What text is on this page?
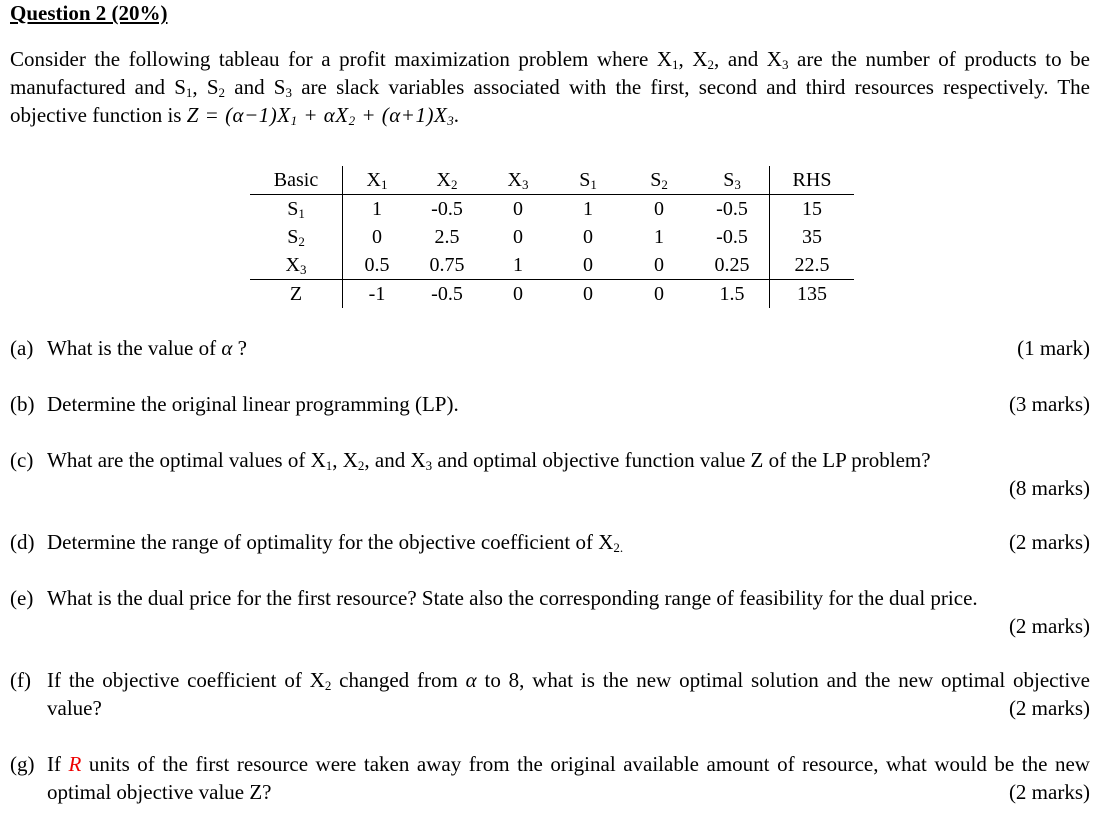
Question 2 (20%)
Consider the following tableau for a profit maximization problem where $X_1$, $X_2$, and $X_3$ are the number of products to be manufactured and $S_1$, $S_2$ and $S_3$ are slack variables associated with the first, second and third resources respectively. The objective function is $Z = (\alpha-1)X_1 + \alpha X_2 + (\alpha+1)X_3$.
Basic	$X_1$	$X_2$	$X_3$	$S_1$	$S_2$	$S_3$	RHS
$S_1$	1	-0.5	0	1	0	-0.5	15
$S_2$	0	2.5	0	0	1	-0.5	35
$X_3$	0.5	0.75	1	0	0	0.25	22.5
Z	-1	-0.5	0	0	0	1.5	135
(a) What is the value of α ?	(1 mark)
(b) Determine the original linear programming (LP).	(3 marks)
(c) What are the optimal values of $X_1$, $X_2$, and $X_3$ and optimal objective function value Z of the LP problem?
(8 marks)
(d) Determine the range of optimality for the objective coefficient of $X_{2.}$	(2 marks)
(e) What is the dual price for the first resource? State also the corresponding range of feasibility for the dual price.
(2 marks)
(f) If the objective coefficient of $X_2$ changed from α to 8, what is the new optimal solution and the new optimal objective value?	(2 marks)
(g) If R units of the first resource were taken away from the original available amount of resource, what would be the new optimal objective value Z?	(2 marks)
